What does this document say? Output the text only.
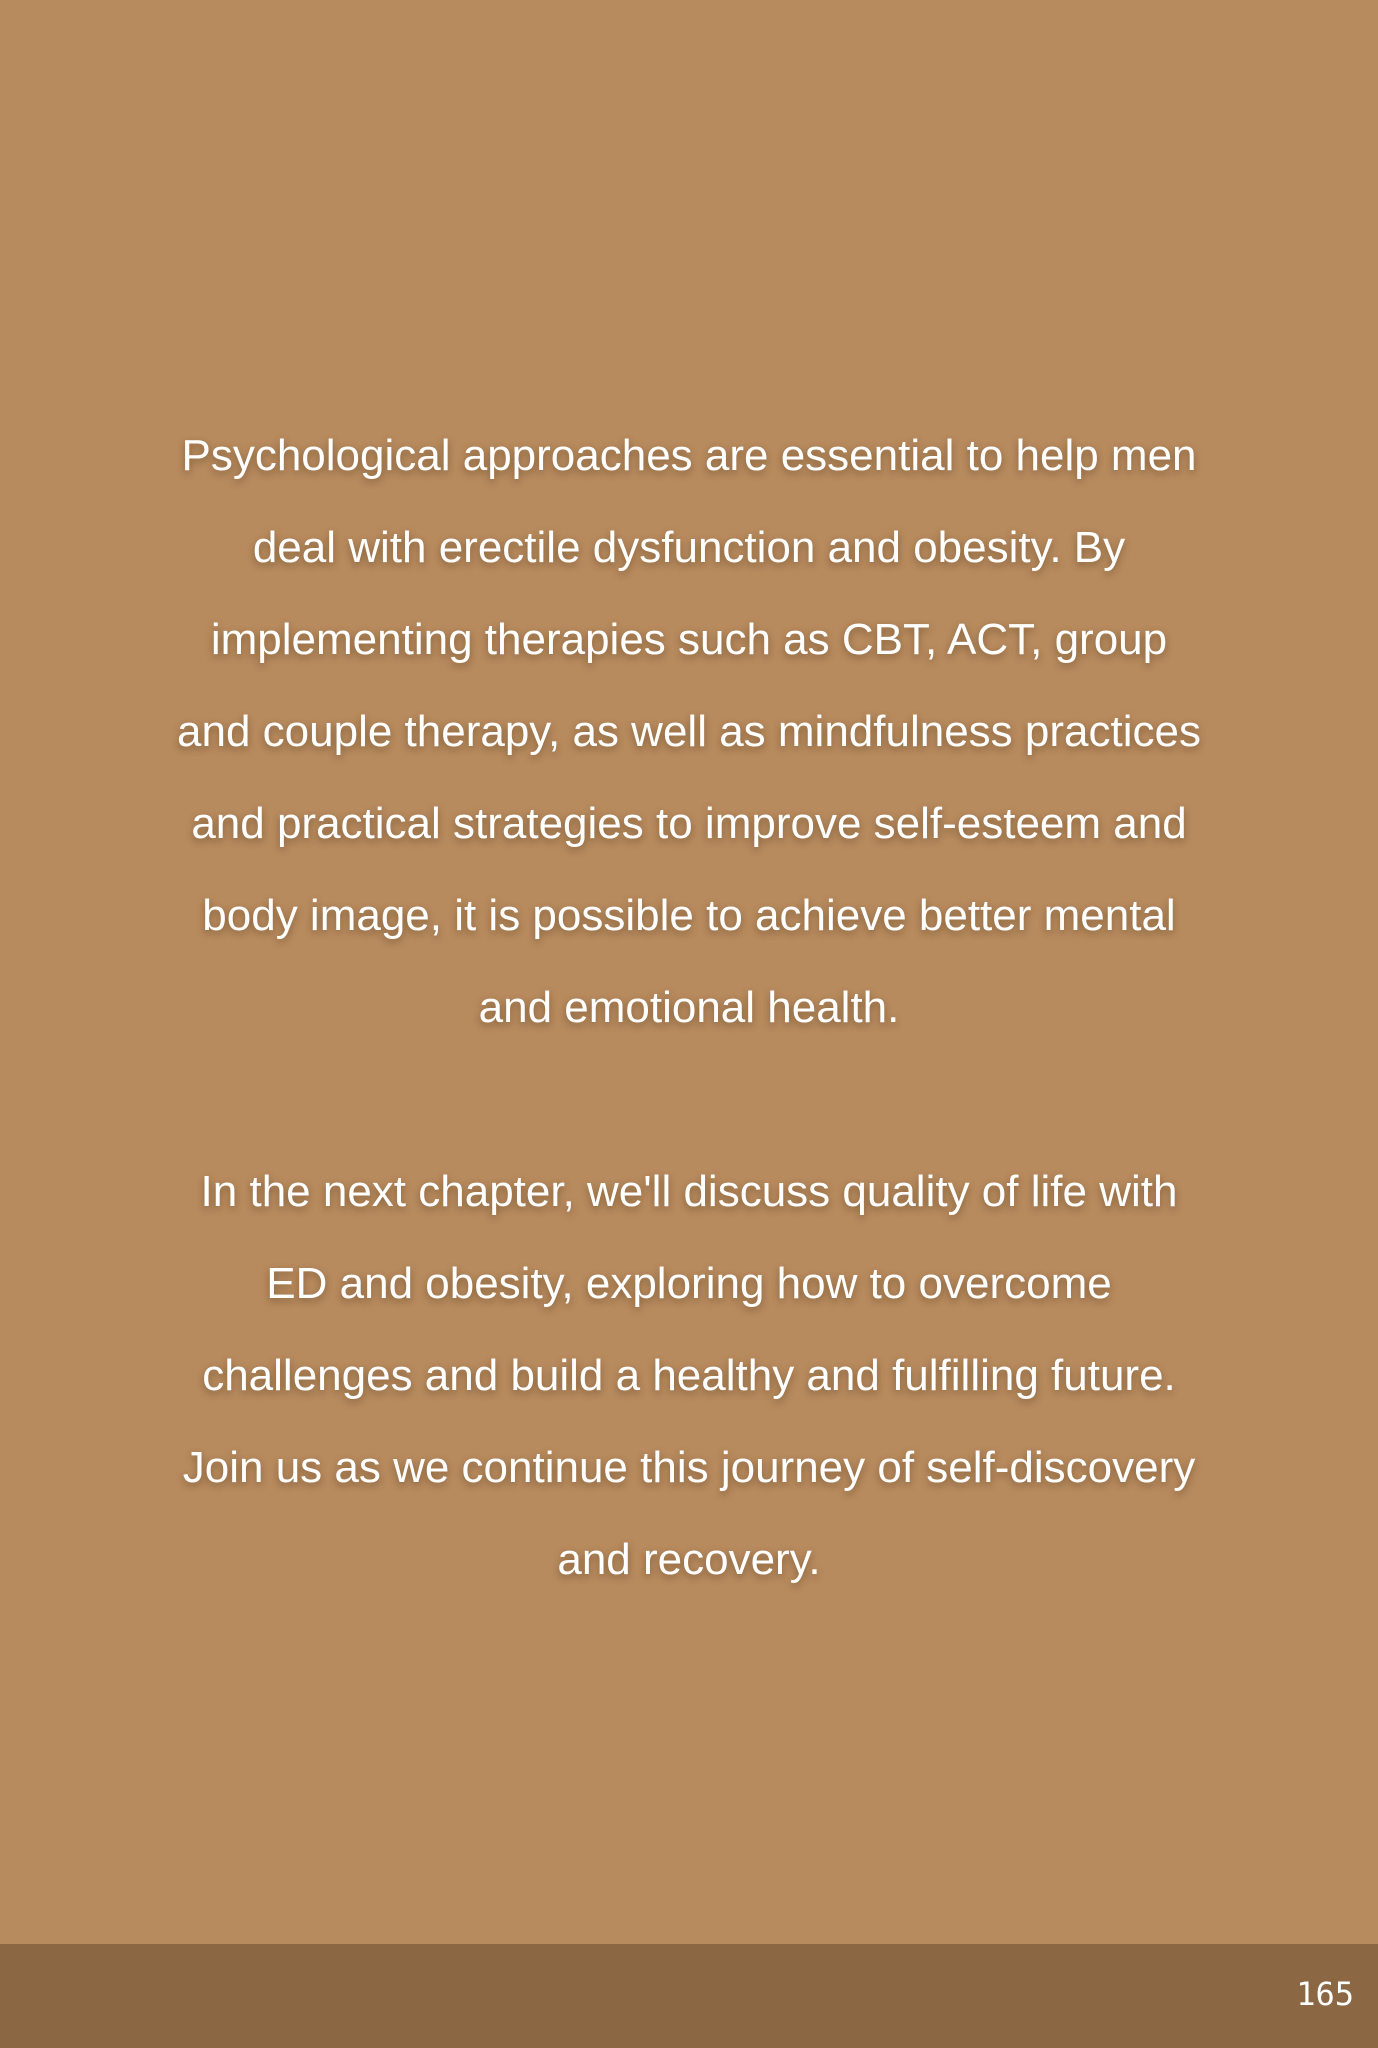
Psychological approaches are essential to help men deal with erectile dysfunction and obesity. By implementing therapies such as CBT, ACT, group and couple therapy, as well as mindfulness practices and practical strategies to improve self-esteem and body image, it is possible to achieve better mental and emotional health.

In the next chapter, we'll discuss quality of life with ED and obesity, exploring how to overcome challenges and build a healthy and fulfilling future. Join us as we continue this journey of self-discovery and recovery.

165
